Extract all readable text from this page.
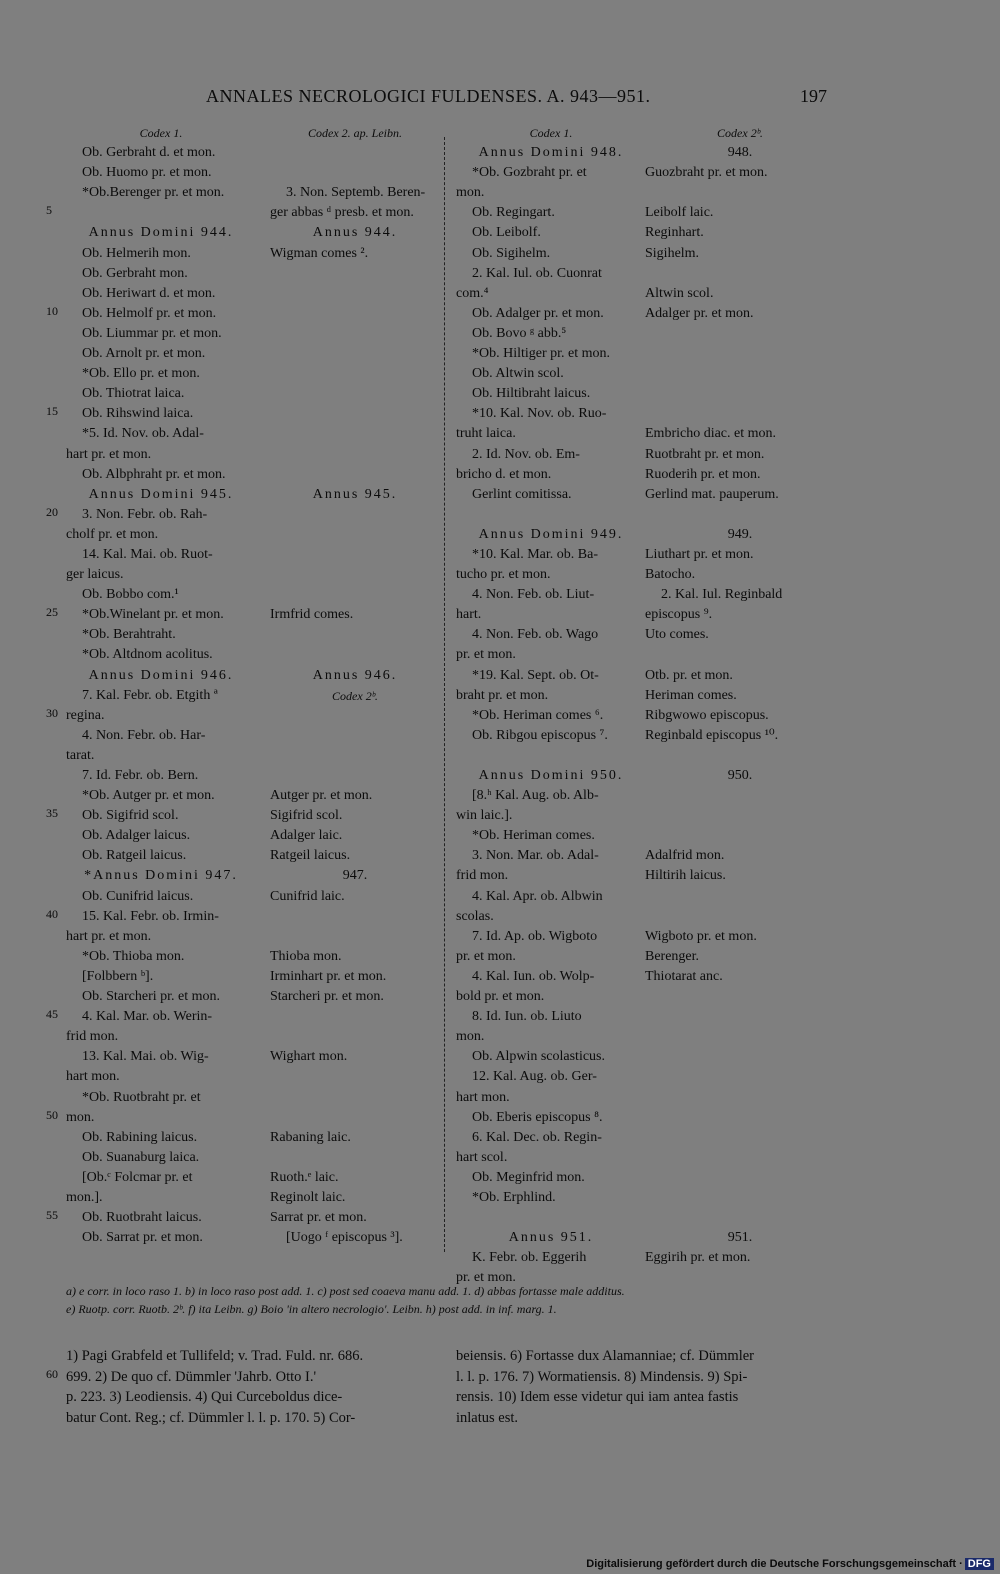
ANNALES NECROLOGICI FULDENSES. A. 943—951.	197
Codex 1.
Ob. Gerbraht d. et mon.
Ob. Huomo pr. et mon.
*Ob.Berenger pr. et mon.
Annus Domini 944.
Ob. Helmerih mon.
Ob. Gerbraht mon.
Ob. Heriwart d. et mon.
Ob. Helmolf pr. et mon.
Ob. Liummar pr. et mon.
Ob. Arnolt pr. et mon.
*Ob. Ello pr. et mon.
Ob. Thiotrat laica.
Ob. Rihswind laica.
*5. Id. Nov. ob. Adal-
hart pr. et mon.
Ob. Albphraht pr. et mon.
Annus Domini 945.
3. Non. Febr. ob. Rah-
cholf pr. et mon.
14. Kal. Mai. ob. Ruot-
ger laicus.
Ob. Bobbo com.¹
*Ob.Winelant pr. et mon.
*Ob. Berahtraht.
*Ob. Altdnom acolitus.
Annus Domini 946.
7. Kal. Febr. ob. Etgith ª
regina.
4. Non. Febr. ob. Har-
tarat.
7. Id. Febr. ob. Bern.
*Ob. Autger pr. et mon.
Ob. Sigifrid scol.
Ob. Adalger laicus.
Ob. Ratgeil laicus.
*Annus Domini 947.
Ob. Cunifrid laicus.
15. Kal. Febr. ob. Irmin-
hart pr. et mon.
*Ob. Thioba mon.
[Folbbern ᵇ].
Ob. Starcheri pr. et mon.
4. Kal. Mar. ob. Werin-
frid mon.
13. Kal. Mai. ob. Wig-
hart mon.
*Ob. Ruotbraht pr. et
mon.
Ob. Rabining laicus.
Ob. Suanaburg laica.
[Ob.ᶜ Folcmar pr. et
mon.].
Ob. Ruotbraht laicus.
Ob. Sarrat pr. et mon.
Codex 2. ap. Leibn.
3. Non. Septemb. Beren-
ger abbas ᵈ presb. et mon.
Annus 944.
Wigman comes ².
Annus 945.
Irmfrid comes.
Annus 946.
Codex 2ᵇ.
Autger pr. et mon.
Sigifrid scol.
Adalger laic.
Ratgeil laicus.
947.
Cunifrid laic.
Thioba mon.
Irminhart pr. et mon.
Starcheri pr. et mon.
Wighart mon.
Rabaning laic.
Ruoth.ᵉ laic.
Reginolt laic.
Sarrat pr. et mon.
[Uogo ᶠ episcopus ³].
Codex 1.
Annus Domini 948.
*Ob. Gozbraht pr. et
mon.
Ob. Regingart.
Ob. Leibolf.
Ob. Sigihelm.
2. Kal. Iul. ob. Cuonrat
com.⁴
Ob. Adalger pr. et mon.
Ob. Bovo ᵍ abb.⁵
*Ob. Hiltiger pr. et mon.
Ob. Altwin scol.
Ob. Hiltibraht laicus.
*10. Kal. Nov. ob. Ruo-
truht laica.
2. Id. Nov. ob. Em-
bricho d. et mon.
Gerlint comitissa.
Annus Domini 949.
*10. Kal. Mar. ob. Ba-
tucho pr. et mon.
4. Non. Feb. ob. Liut-
hart.
4. Non. Feb. ob. Wago
pr. et mon.
*19. Kal. Sept. ob. Ot-
braht pr. et mon.
*Ob. Heriman comes ⁶.
Ob. Ribgou episcopus ⁷.
Annus Domini 950.
[8.ʰ Kal. Aug. ob. Alb-
win laic.].
*Ob. Heriman comes.
3. Non. Mar. ob. Adal-
frid mon.
4. Kal. Apr. ob. Albwin
scolas.
7. Id. Ap. ob. Wigboto
pr. et mon.
4. Kal. Iun. ob. Wolp-
bold pr. et mon.
8. Id. Iun. ob. Liuto
mon.
Ob. Alpwin scolasticus.
12. Kal. Aug. ob. Ger-
hart mon.
Ob. Eberis episcopus ⁸.
6. Kal. Dec. ob. Regin-
hart scol.
Ob. Meginfrid mon.
*Ob. Erphlind.
Annus 951.
K. Febr. ob. Eggerih
pr. et mon.
Codex 2ᵇ.
948.
Guozbraht pr. et mon.
Leibolf laic.
Reginhart.
Sigihelm.
Altwin scol.
Adalger pr. et mon.
Embricho diac. et mon.
Ruotbraht pr. et mon.
Ruoderih pr. et mon.
Gerlind mat. pauperum.
949.
Liuthart pr. et mon.
Batocho.
2. Kal. Iul. Reginbald
episcopus ⁹.
Uto comes.
Otb. pr. et mon.
Heriman comes.
Ribgwowo episcopus.
Reginbald episcopus ¹⁰.
950.
Adalfrid mon.
Hiltirih laicus.
Wigboto pr. et mon.
Berenger.
Thiotarat anc.
951.
Eggirih pr. et mon.
5
10
15
20
25
30
35
40
45
50
55
a) e corr. in loco raso 1. b) in loco raso post add. 1. c) post sed coaeva manu add. 1. d) abbas fortasse male additus.
e) Ruotp. corr. Ruotb. 2ᵇ. f) ita Leibn. g) Boio 'in altero necrologio'. Leibn. h) post add. in inf. marg. 1.
1) Pagi Grabfeld et Tullifeld; v. Trad. Fuld. nr. 686.
699. 2) De quo cf. Dümmler 'Jahrb. Otto I.'
p. 223. 3) Leodiensis. 4) Qui Curceboldus dice-
batur Cont. Reg.; cf. Dümmler l. l. p. 170. 5) Cor-
beiensis. 6) Fortasse dux Alamanniae; cf. Dümmler
l. l. p. 176. 7) Wormatiensis. 8) Mindensis. 9) Spi-
rensis. 10) Idem esse videtur qui iam antea fastis
inlatus est.
60
Digitalisierung gefördert durch die Deutsche Forschungsgemeinschaft · DFG
